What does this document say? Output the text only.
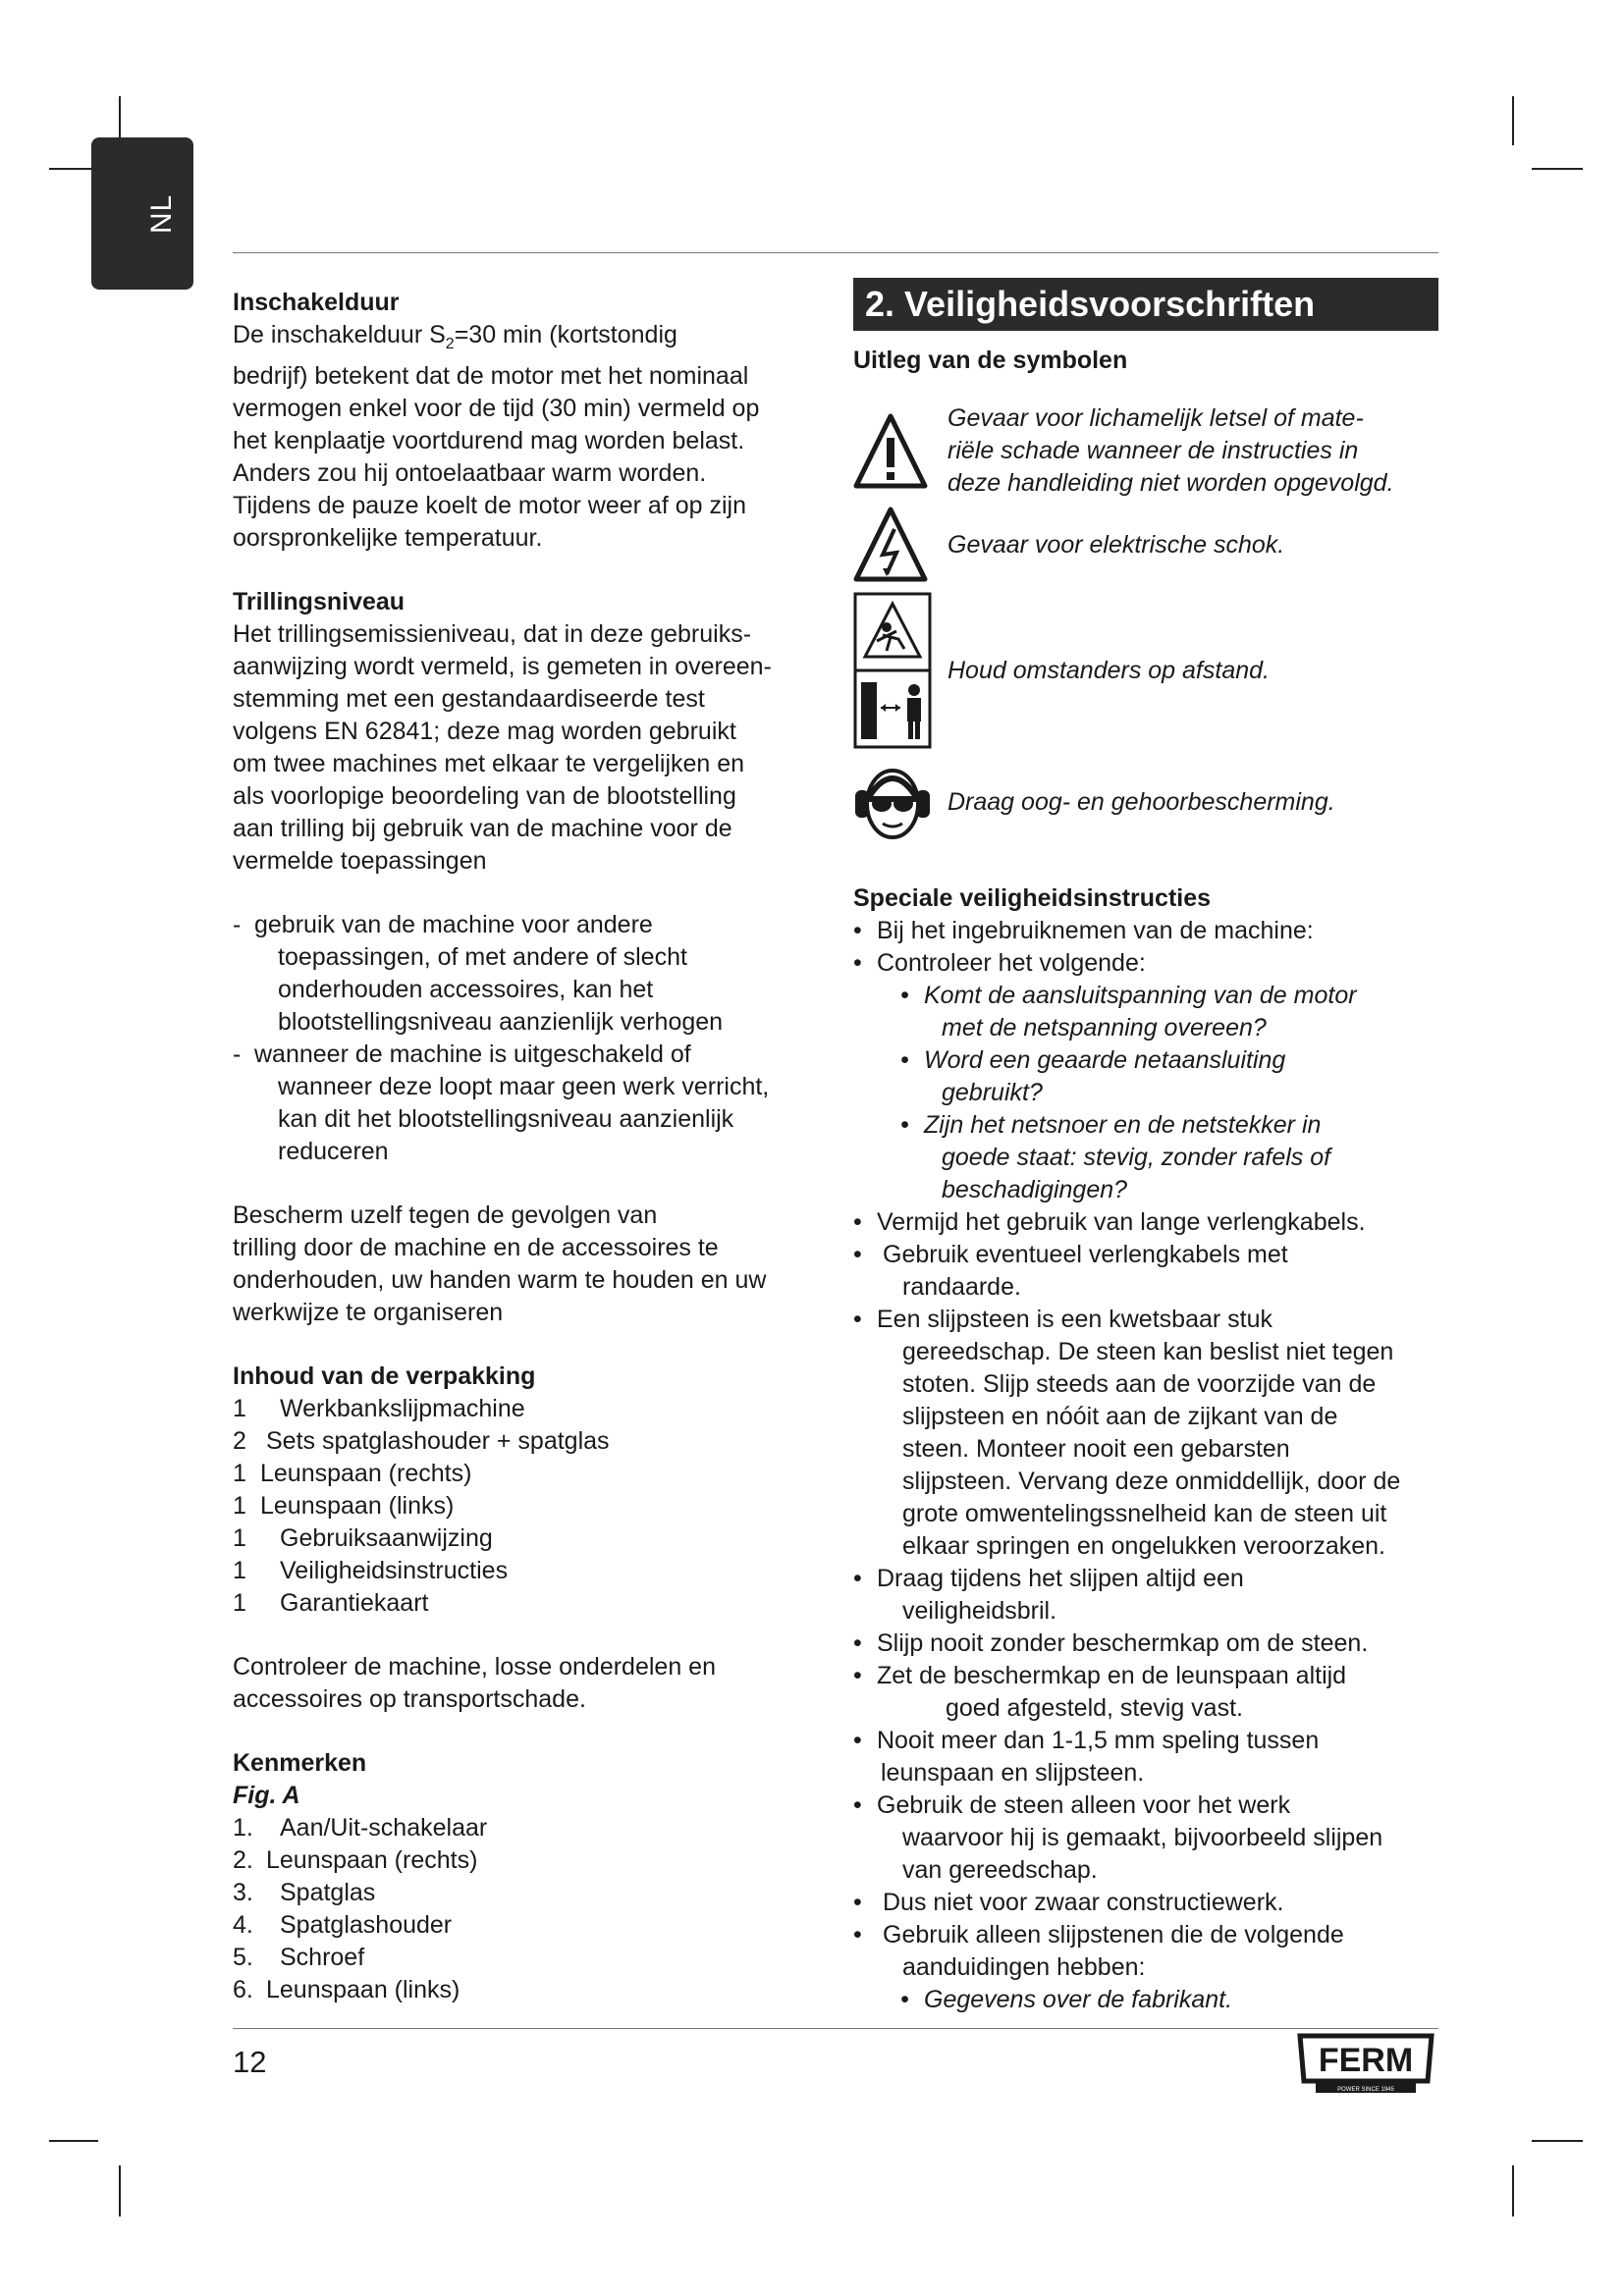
NL

Inschakelduur

De inschakelduur $S_2=30$ min (kortstondig

bedrijf) betekent dat de motor met het nominaal

vermogen enkel voor de tijd (30 min) vermeld op

het kenplaatje voortdurend mag worden belast.

Anders zou hij ontoelaatbaar warm worden.

Tijdens de pauze koelt de motor weer af op zijn

oorspronkelijke temperatuur.

Trillingsniveau

Het trillingsemissieniveau, dat in deze gebruiks-

aanwijzing wordt vermeld, is gemeten in overeen-

stemming met een gestandaardiseerde test

volgens EN 62841; deze mag worden gebruikt

om twee machines met elkaar te vergelijken en

als voorlopige beoordeling van de blootstelling

aan trilling bij gebruik van de machine voor de

vermelde toepassingen

- gebruik van de machine voor andere

toepassingen, of met andere of slecht

onderhouden accessoires, kan het

blootstellingsniveau aanzienlijk verhogen

- wanneer de machine is uitgeschakeld of

wanneer deze loopt maar geen werk verricht,

kan dit het blootstellingsniveau aanzienlijk

reduceren

Bescherm uzelf tegen de gevolgen van

trilling door de machine en de accessoires te

onderhouden, uw handen warm te houden en uw

werkwijze te organiseren

Inhoud van de verpakking

1	Werkbankslijpmachine
2 Sets spatglashouder + spatglas
1 Leunspaan (rechts)
1 Leunspaan (links)
1	Gebruiksaanwijzing
1	Veiligheidsinstructies
1	Garantiekaart

Controleer de machine, losse onderdelen en

accessoires op transportschade.

Kenmerken

Fig. A

1.	Aan/Uit-schakelaar
2. Leunspaan (rechts)
3.	Spatglas
4.	Spatglashouder
5.	Schroef
6. Leunspaan (links)
2. Veiligheidsvoorschriften

Uitleg van de symbolen

Gevaar voor lichamelijk letsel of mate-

riële schade wanneer de instructies in

deze handleiding niet worden opgevolgd.

Gevaar voor elektrische schok.

Houd omstanders op afstand.

Draag oog- en gehoorbescherming.

Speciale veiligheidsinstructies

• Bij het ingebruiknemen van de machine:

• Controleer het volgende:

• Komt de aansluitspanning van de motor

met de netspanning overeen?

• Word een geaarde netaansluiting

gebruikt?

• Zijn het netsnoer en de netstekker in

goede staat: stevig, zonder rafels of

beschadigingen?

• Vermijd het gebruik van lange verlengkabels.

• Gebruik eventueel verlengkabels met

randaarde.

• Een slijpsteen is een kwetsbaar stuk

gereedschap. De steen kan beslist niet tegen

stoten. Slijp steeds aan de voorzijde van de

slijpsteen en nóóit aan de zijkant van de

steen. Monteer nooit een gebarsten

slijpsteen. Vervang deze onmiddellijk, door de

grote omwentelingssnelheid kan de steen uit

elkaar springen en ongelukken veroorzaken.

• Draag tijdens het slijpen altijd een

veiligheidsbril.

• Slijp nooit zonder beschermkap om de steen.

• Zet de beschermkap en de leunspaan altijd

goed afgesteld, stevig vast.

• Nooit meer dan 1-1,5 mm speling tussen

leunspaan en slijpsteen.

• Gebruik de steen alleen voor het werk

waarvoor hij is gemaakt, bijvoorbeeld slijpen

van gereedschap.

• Dus niet voor zwaar constructiewerk.

• Gebruik alleen slijpstenen die de volgende

aanduidingen hebben:

• Gegevens over de fabrikant.

12	FERM
POWER SINCE 1945
